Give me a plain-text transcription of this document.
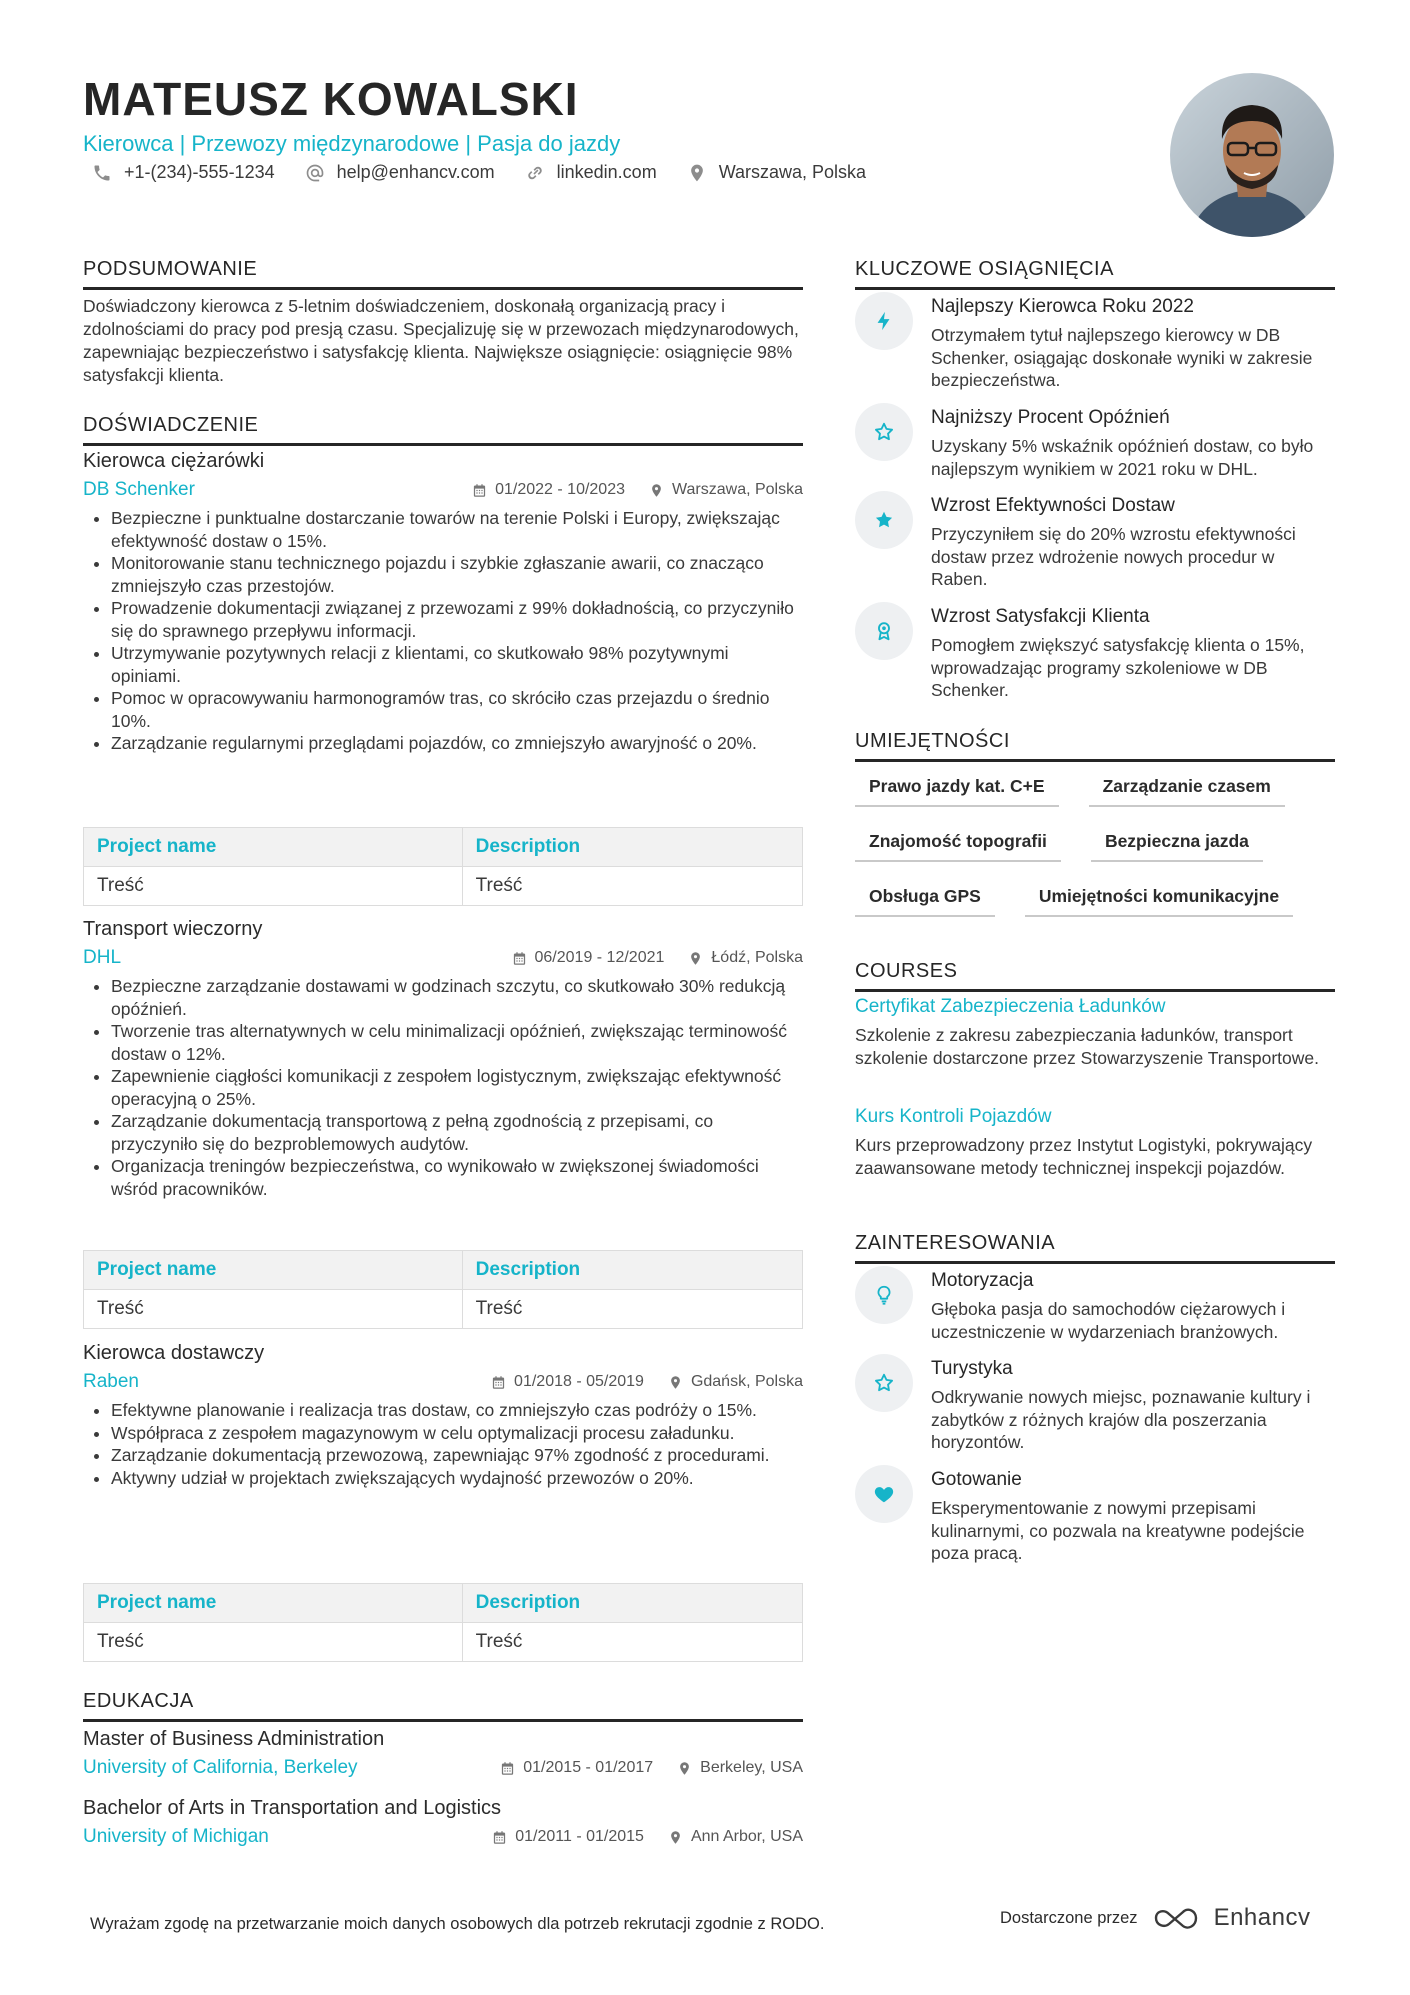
MATEUSZ KOWALSKI
Kierowca | Przewozy międzynarodowe | Pasja do jazdy
+1-(234)-555-1234	help@enhancv.com	linkedin.com	Warszawa, Polska
PODSUMOWANIE
Doświadczony kierowca z 5-letnim doświadczeniem, doskonałą organizacją pracy i zdolnościami do pracy pod presją czasu. Specjalizuję się w przewozach międzynarodowych, zapewniając bezpieczeństwo i satysfakcję klienta. Największe osiągnięcie: osiągnięcie 98% satysfakcji klienta.
DOŚWIADCZENIE
Kierowca ciężarówki
DB Schenker	01/2022 - 10/2023	Warszawa, Polska
• Bezpieczne i punktualne dostarczanie towarów na terenie Polski i Europy, zwiększając efektywność dostaw o 15%.
• Monitorowanie stanu technicznego pojazdu i szybkie zgłaszanie awarii, co znacząco zmniejszyło czas przestojów.
• Prowadzenie dokumentacji związanej z przewozami z 99% dokładnością, co przyczyniło się do sprawnego przepływu informacji.
• Utrzymywanie pozytywnych relacji z klientami, co skutkowało 98% pozytywnymi opiniami.
• Pomoc w opracowywaniu harmonogramów tras, co skróciło czas przejazdu o średnio 10%.
• Zarządzanie regularnymi przeglądami pojazdów, co zmniejszyło awaryjność o 20%.
Project name	Description
Treść	Treść
Transport wieczorny
DHL	06/2019 - 12/2021	Łódź, Polska
• Bezpieczne zarządzanie dostawami w godzinach szczytu, co skutkowało 30% redukcją opóźnień.
• Tworzenie tras alternatywnych w celu minimalizacji opóźnień, zwiększając terminowość dostaw o 12%.
• Zapewnienie ciągłości komunikacji z zespołem logistycznym, zwiększając efektywność operacyjną o 25%.
• Zarządzanie dokumentacją transportową z pełną zgodnością z przepisami, co przyczyniło się do bezproblemowych audytów.
• Organizacja treningów bezpieczeństwa, co wynikowało w zwiększonej świadomości wśród pracowników.
Project name	Description
Treść	Treść
Kierowca dostawczy
Raben	01/2018 - 05/2019	Gdańsk, Polska
• Efektywne planowanie i realizacja tras dostaw, co zmniejszyło czas podróży o 15%.
• Współpraca z zespołem magazynowym w celu optymalizacji procesu załadunku.
• Zarządzanie dokumentacją przewozową, zapewniając 97% zgodność z procedurami.
• Aktywny udział w projektach zwiększających wydajność przewozów o 20%.
Project name	Description
Treść	Treść
EDUKACJA
Master of Business Administration
University of California, Berkeley	01/2015 - 01/2017	Berkeley, USA
Bachelor of Arts in Transportation and Logistics
University of Michigan	01/2011 - 01/2015	Ann Arbor, USA
KLUCZOWE OSIĄGNIĘCIA
Najlepszy Kierowca Roku 2022
Otrzymałem tytuł najlepszego kierowcy w DB Schenker, osiągając doskonałe wyniki w zakresie bezpieczeństwa.
Najniższy Procent Opóźnień
Uzyskany 5% wskaźnik opóźnień dostaw, co było najlepszym wynikiem w 2021 roku w DHL.
Wzrost Efektywności Dostaw
Przyczyniłem się do 20% wzrostu efektywności dostaw przez wdrożenie nowych procedur w Raben.
Wzrost Satysfakcji Klienta
Pomogłem zwiększyć satysfakcję klienta o 15%, wprowadzając programy szkoleniowe w DB Schenker.
UMIEJĘTNOŚCI
Prawo jazdy kat. C+E	Zarządzanie czasem
Znajomość topografii	Bezpieczna jazda
Obsługa GPS	Umiejętności komunikacyjne
COURSES
Certyfikat Zabezpieczenia Ładunków
Szkolenie z zakresu zabezpieczania ładunków, transport szkolenie dostarczone przez Stowarzyszenie Transportowe.
Kurs Kontroli Pojazdów
Kurs przeprowadzony przez Instytut Logistyki, pokrywający zaawansowane metody technicznej inspekcji pojazdów.
ZAINTERESOWANIA
Motoryzacja
Głęboka pasja do samochodów ciężarowych i uczestniczenie w wydarzeniach branżowych.
Turystyka
Odkrywanie nowych miejsc, poznawanie kultury i zabytków z różnych krajów dla poszerzania horyzontów.
Gotowanie
Eksperymentowanie z nowymi przepisami kulinarnymi, co pozwala na kreatywne podejście poza pracą.
Wyrażam zgodę na przetwarzanie moich danych osobowych dla potrzeb rekrutacji zgodnie z RODO.	Dostarczone przez	Enhancv
